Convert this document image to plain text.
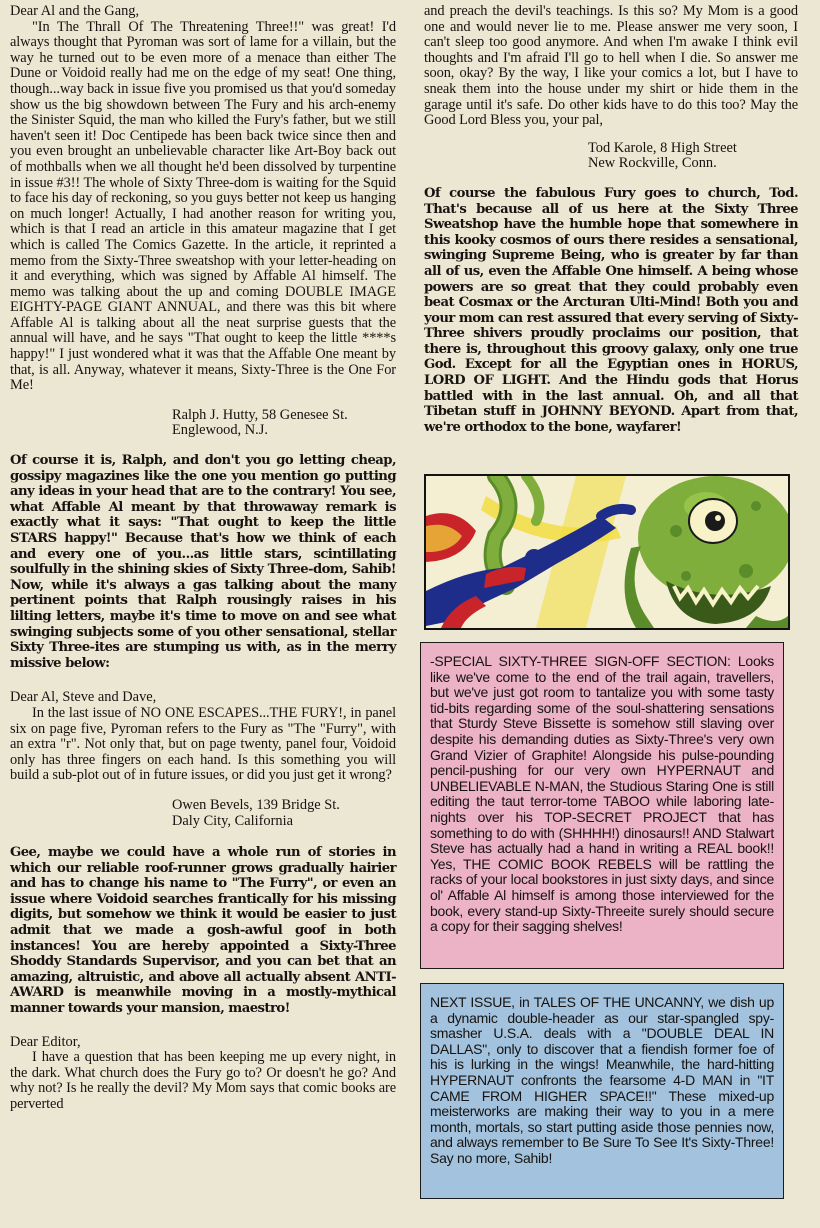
Dear Al and the Gang,

"In The Thrall Of The Threatening Three!!" was great! I'd always thought that Pyroman was sort of lame for a villain, but the way he turned out to be even more of a menace than either The Dune or Voidoid really had me on the edge of my seat! One thing, though...way back in issue five you promised us that you'd someday show us the big showdown between The Fury and his arch-enemy the Sinister Squid, the man who killed the Fury's father, but we still haven't seen it! Doc Centipede has been back twice since then and you even brought an unbelievable character like Art-Boy back out of mothballs when we all thought he'd been dissolved by turpentine in issue #3!! The whole of Sixty Three-dom is waiting for the Squid to face his day of reckoning, so you guys better not keep us hanging on much longer! Actually, I had another reason for writing you, which is that I read an article in this amateur magazine that I get which is called The Comics Gazette. In the article, it reprinted a memo from the Sixty-Three sweatshop with your letter-heading on it and everything, which was signed by Affable Al himself. The memo was talking about the up and coming DOUBLE IMAGE EIGHTY-PAGE GIANT ANNUAL, and there was this bit where Affable Al is talking about all the neat surprise guests that the annual will have, and he says "That ought to keep the little ****s happy!" I just wondered what it was that the Affable One meant by that, is all. Anyway, whatever it means, Sixty-Three is the One For Me!

Ralph J. Hutty, 58 Genesee St.

Englewood, N.J.

Of course it is, Ralph, and don't you go letting cheap, gossipy magazines like the one you mention go putting any ideas in your head that are to the contrary! You see, what Affable Al meant by that throwaway remark is exactly what it says: "That ought to keep the little STARS happy!" Because that's how we think of each and every one of you...as little stars, scintillating soulfully in the shining skies of Sixty Three-dom, Sahib! Now, while it's always a gas talking about the many pertinent points that Ralph rousingly raises in his lilting letters, maybe it's time to move on and see what swinging subjects some of you other sensational, stellar Sixty Three-ites are stumping us with, as in the merry missive below:

Dear Al, Steve and Dave,

In the last issue of NO ONE ESCAPES...THE FURY!, in panel six on page five, Pyroman refers to the Fury as "The "Furry", with an extra "r". Not only that, but on page twenty, panel four, Voidoid only has three fingers on each hand. Is this something you will build a sub-plot out of in future issues, or did you just get it wrong?

Owen Bevels, 139 Bridge St.

Daly City, California

Gee, maybe we could have a whole run of stories in which our reliable roof-runner grows gradually hairier and has to change his name to "The Furry", or even an issue where Voidoid searches frantically for his missing digits, but somehow we think it would be easier to just admit that we made a gosh-awful goof in both instances! You are hereby appointed a Sixty-Three Shoddy Standards Supervisor, and you can bet that an amazing, altruistic, and above all actually absent ANTI-AWARD is meanwhile moving in a mostly-mythical manner towards your mansion, maestro!

Dear Editor,

I have a question that has been keeping me up every night, in the dark. What church does the Fury go to? Or doesn't he go? And why not? Is he really the devil? My Mom says that comic books are perverted

and preach the devil's teachings. Is this so? My Mom is a good one and would never lie to me. Please answer me very soon, I can't sleep too good anymore. And when I'm awake I think evil thoughts and I'm afraid I'll go to hell when I die. So answer me soon, okay? By the way, I like your comics a lot, but I have to sneak them into the house under my shirt or hide them in the garage until it's safe. Do other kids have to do this too? May the Good Lord Bless you, your pal,

Tod Karole, 8 High Street

New Rockville, Conn.

Of course the fabulous Fury goes to church, Tod. That's because all of us here at the Sixty Three Sweatshop have the humble hope that somewhere in this kooky cosmos of ours there resides a sensational, swinging Supreme Being, who is greater by far than all of us, even the Affable One himself. A being whose powers are so great that they could probably even beat Cosmax or the Arcturan Ulti-Mind! Both you and your mom can rest assured that every serving of Sixty-Three shivers proudly proclaims our position, that there is, throughout this groovy galaxy, only one true God. Except for all the Egyptian ones in HORUS, LORD OF LIGHT. And the Hindu gods that Horus battled with in the last annual. Oh, and all that Tibetan stuff in JOHNNY BEYOND. Apart from that, we're orthodox to the bone, wayfarer!

-SPECIAL SIXTY-THREE SIGN-OFF SECTION: Looks like we've come to the end of the trail again, travellers, but we've just got room to tantalize you with some tasty tid-bits regarding some of the soul-shattering sensations that Sturdy Steve Bissette is somehow still slaving over despite his demanding duties as Sixty-Three's very own Grand Vizier of Graphite! Alongside his pulse-pounding pencil-pushing for our very own HYPERNAUT and UNBELIEVABLE N-MAN, the Studious Staring One is still editing the taut terror-tome TABOO while laboring late-nights over his TOP-SECRET PROJECT that has something to do with (SHHHH!) dinosaurs!! AND Stalwart Steve has actually had a hand in writing a REAL book!! Yes, THE COMIC BOOK REBELS will be rattling the racks of your local bookstores in just sixty days, and since ol' Affable Al himself is among those interviewed for the book, every stand-up Sixty-Threeite surely should secure a copy for their sagging shelves!

NEXT ISSUE, in TALES OF THE UNCANNY, we dish up a dynamic double-header as our star-spangled spy-smasher U.S.A. deals with a "DOUBLE DEAL IN DALLAS", only to discover that a fiendish former foe of his is lurking in the wings! Meanwhile, the hard-hitting HYPERNAUT confronts the fearsome 4-D MAN in "IT CAME FROM HIGHER SPACE!!" These mixed-up meisterworks are making their way to you in a mere month, mortals, so start putting aside those pennies now, and always remember to Be Sure To See It's Sixty-Three! Say no more, Sahib!
